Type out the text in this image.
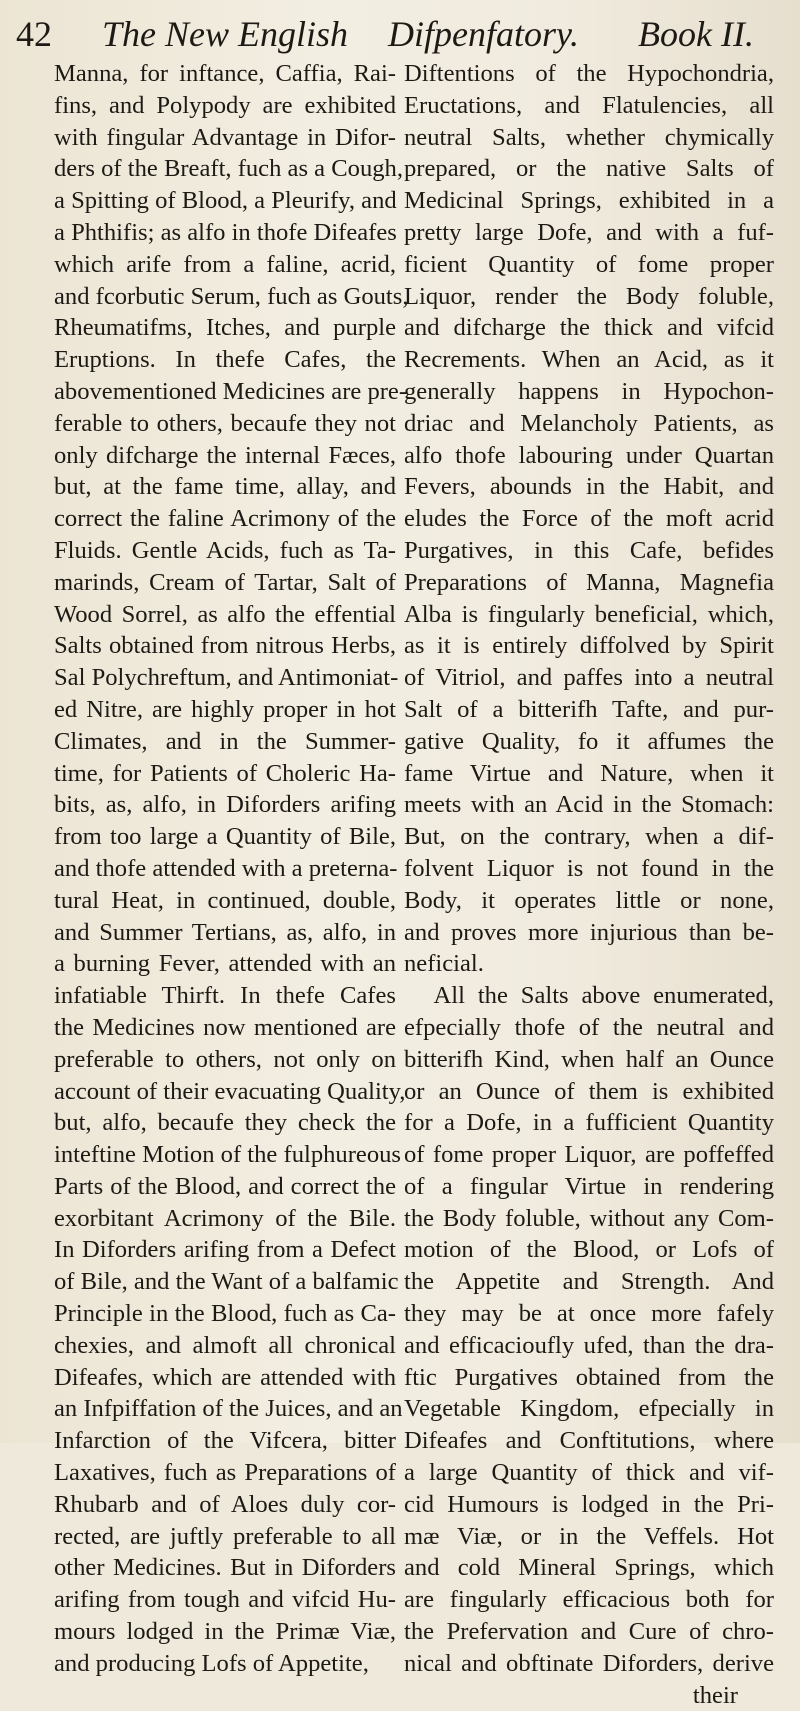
42 The New English Difpenfatory. Book II.
Manna, for inftance, Caffia, Rai-
fins, and Polypody are exhibited
with fingular Advantage in Difor-
ders of the Breaft, fuch as a Cough,
a Spitting of Blood, a Pleurify, and
a Phthifis; as alfo in thofe Difeafes
which arife from a faline, acrid,
and fcorbutic Serum, fuch as Gouts,
Rheumatifms, Itches, and purple
Eruptions. In thefe Cafes, the
abovementioned Medicines are pre-
ferable to others, becaufe they not
only difcharge the internal Fæces,
but, at the fame time, allay, and
correct the faline Acrimony of the
Fluids. Gentle Acids, fuch as Ta-
marinds, Cream of Tartar, Salt of
Wood Sorrel, as alfo the effential
Salts obtained from nitrous Herbs,
Sal Polychreftum, and Antimoniat-
ed Nitre, are highly proper in hot
Climates, and in the Summer-
time, for Patients of Choleric Ha-
bits, as, alfo, in Diforders arifing
from too large a Quantity of Bile,
and thofe attended with a preterna-
tural Heat, in continued, double,
and Summer Tertians, as, alfo, in
a burning Fever, attended with an
infatiable Thirft. In thefe Cafes
the Medicines now mentioned are
preferable to others, not only on
account of their evacuating Quality,
but, alfo, becaufe they check the
inteftine Motion of the fulphureous
Parts of the Blood, and correct the
exorbitant Acrimony of the Bile.
In Diforders arifing from a Defect
of Bile, and the Want of a balfamic
Principle in the Blood, fuch as Ca-
chexies, and almoft all chronical
Difeafes, which are attended with
an Infpiffation of the Juices, and an
Infarction of the Vifcera, bitter
Laxatives, fuch as Preparations of
Rhubarb and of Aloes duly cor-
rected, are juftly preferable to all
other Medicines. But in Diforders
arifing from tough and vifcid Hu-
mours lodged in the Primæ Viæ,
and producing Lofs of Appetite,
Diftentions of the Hypochondria,
Eructations, and Flatulencies, all
neutral Salts, whether chymically
prepared, or the native Salts of
Medicinal Springs, exhibited in a
pretty large Dofe, and with a fuf-
ficient Quantity of fome proper
Liquor, render the Body foluble,
and difcharge the thick and vifcid
Recrements. When an Acid, as it
generally happens in Hypochon-
driac and Melancholy Patients, as
alfo thofe labouring under Quartan
Fevers, abounds in the Habit, and
eludes the Force of the moft acrid
Purgatives, in this Cafe, befides
Preparations of Manna, Magnefia
Alba is fingularly beneficial, which,
as it is entirely diffolved by Spirit
of Vitriol, and paffes into a neutral
Salt of a bitterifh Tafte, and pur-
gative Quality, fo it affumes the
fame Virtue and Nature, when it
meets with an Acid in the Stomach:
But, on the contrary, when a dif-
folvent Liquor is not found in the
Body, it operates little or none,
and proves more injurious than be-
neficial.
All the Salts above enumerated,
efpecially thofe of the neutral and
bitterifh Kind, when half an Ounce
or an Ounce of them is exhibited
for a Dofe, in a fufficient Quantity
of fome proper Liquor, are poffeffed
of a fingular Virtue in rendering
the Body foluble, without any Com-
motion of the Blood, or Lofs of
the Appetite and Strength. And
they may be at once more fafely
and efficacioufly ufed, than the dra-
ftic Purgatives obtained from the
Vegetable Kingdom, efpecially in
Difeafes and Conftitutions, where
a large Quantity of thick and vif-
cid Humours is lodged in the Pri-
mæ Viæ, or in the Veffels. Hot
and cold Mineral Springs, which
are fingularly efficacious both for
the Prefervation and Cure of chro-
nical and obftinate Diforders, derive
their
